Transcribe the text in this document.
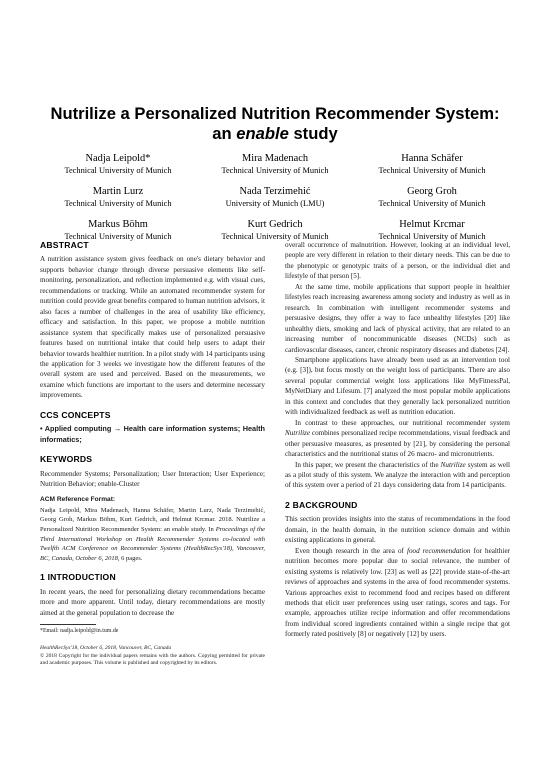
Nutrilize a Personalized Nutrition Recommender System:
an enable study
Nadja Leipold*
Technical University of Munich
Mira Madenach
Technical University of Munich
Hanna Schäfer
Technical University of Munich
Martin Lurz
Technical University of Munich
Nada Terzimehić
University of Munich (LMU)
Georg Groh
Technical University of Munich
Markus Böhm
Technical University of Munich
Kurt Gedrich
Technical University of Munich
Helmut Krcmar
Technical University of Munich
ABSTRACT

A nutrition assistance system gives feedback on one's dietary behavior and supports behavior change through diverse persuasive elements like self-monitoring, personalization, and reflection implemented e.g. with visual cues, recommendations or tracking. While an automated recommender system for nutrition could provide great benefits compared to human nutrition advisors, it also faces a number of challenges in the area of usability like efficiency, efficacy and satisfaction. In this paper, we propose a mobile nutrition assistance system that specifically makes use of personalized persuasive features based on nutritional intake that could help users to adapt their behavior towards healthier nutrition. In a pilot study with 14 participants using the application for 3 weeks we investigate how the different features of the overall system are used and perceived. Based on the measurements, we examine which functions are important to the users and determine necessary improvements.

CCS CONCEPTS

• Applied computing → Health care information systems; Health informatics;

KEYWORDS

Recommender Systems; Personalization; User Interaction; User Experience; Nutrition Behavior; enable-Cluster

ACM Reference Format:

Nadja Leipold, Mira Madenach, Hanna Schäfer, Martin Lurz, Nada Terzimehić, Georg Groh, Markus Böhm, Kurt Gedrich, and Helmut Krcmar. 2018. Nutrilize a Personalized Nutrition Recommender System: an enable study. In Proceedings of the Third International Workshop on Health Recommender Systems co-located with Twelfth ACM Conference on Recommender Systems (HealthRecSys'18), Vancouver, BC, Canada, October 6, 2018, 6 pages.

1 INTRODUCTION

In recent years, the need for personalizing dietary recommendations became more and more apparent. Until today, dietary recommendations are mostly aimed at the general population to decrease the

*Email: nadja.leipold@in.tum.de

HealthRecSys'18, October 6, 2018, Vancouver, BC, Canada
© 2018 Copyright for the individual papers remains with the authors. Copying permitted for private and academic purposes. This volume is published and copyrighted by its editors.

overall occurrence of malnutrition. However, looking at an individual level, people are very different in relation to their dietary needs. This can be due to the phenotypic or genotypic traits of a person, or the individual diet and lifestyle of that person [5].

At the same time, mobile applications that support people in healthier lifestyles reach increasing awareness among society and industry as well as in research. In combination with intelligent recommender systems and persuasive designs, they offer a way to face unhealthy lifestyles [20] like unhealthy diets, smoking and lack of physical activity, that are related to an increasing number of noncommunicable diseases (NCDs) such as cardiovascular diseases, cancer, chronic respiratory diseases and diabetes [24].

Smartphone applications have already been used as an intervention tool (e.g. [3]), but focus mostly on the weight loss of participants. There are also several popular commercial weight loss applications like MyFitnessPal, MyNetDiary and Lifesum. [7] analyzed the most popular mobile applications in this context and concludes that they generally lack personalized nutrition with individualized feedback as well as nutrition education.

In contrast to these approaches, our nutritional recommender system Nutrilize combines personalized recipe recommendations, visual feedback and other persuasive measures, as presented by [21], by considering the personal characteristics and the nutritional status of 26 macro- and micronutrients.

In this paper, we present the characteristics of the Nutrilize system as well as a pilot study of this system. We analyze the interaction with and perception of this system over a period of 21 days considering data from 14 participants.

2 BACKGROUND

This section provides insights into the status of recommendations in the food domain, in the health domain, in the nutrition science domain and within existing applications in general.

Even though research in the area of food recommendation for healthier nutrition becomes more popular due to social relevance, the number of existing systems is relatively low. [23] as well as [22] provide state-of-the-art reviews of approaches and systems in the area of food recommender systems. Various approaches exist to recommend food and recipes based on different methods that elicit user preferences using user ratings, scores and tags. For example, approaches utilize recipe information and offer recommendations from individual scored ingredients contained within a single recipe that got formerly rated positively [8] or negatively [12] by users.
